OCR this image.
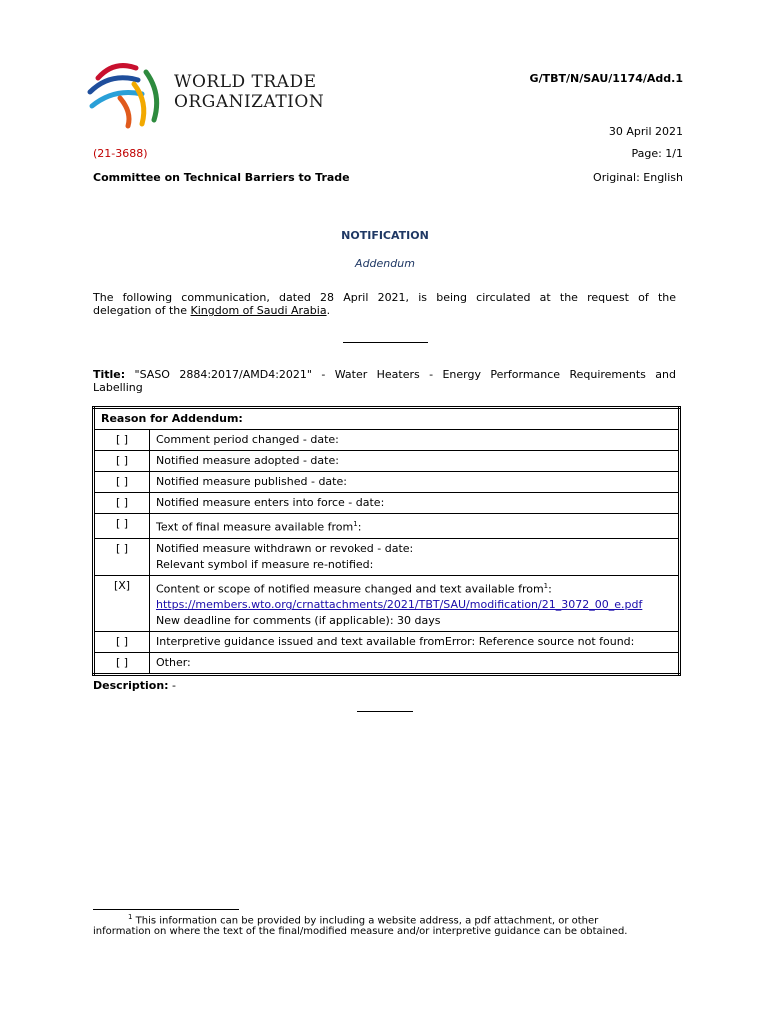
WORLD TRADE
ORGANIZATION
G/TBT/N/SAU/1174/Add.1
30 April 2021
(21-3688)	Page: 1/1
Committee on Technical Barriers to Trade	Original: English
NOTIFICATION
Addendum
The following communication, dated 28 April 2021, is being circulated at the request of the
delegation of the Kingdom of Saudi Arabia.
Title: "SASO 2884:2017/AMD4:2021" - Water Heaters - Energy Performance Requirements and
Labelling
Reason for Addendum:	
[ ]	Comment period changed - date:
[ ]	Notified measure adopted - date:
[ ]	Notified measure published - date:
[ ]	Notified measure enters into force - date:
[ ]	Text of final measure available from$^1$:
[ ]	Notified measure withdrawn or revoked - date:
Relevant symbol if measure re-notified:

[X]	Content or scope of notified measure changed and text available from$^1$:
https://members.wto.org/crnattachments/2021/TBT/SAU/modification/21_3072_00_e.pdf
New deadline for comments (if applicable): 30 days

[ ]	Interpretive guidance issued and text available fromError: Reference source not found:
[ ]	Other:
Description: -
$^1$ This information can be provided by including a website address, a pdf attachment, or other
information on where the text of the final/modified measure and/or interpretive guidance can be obtained.
